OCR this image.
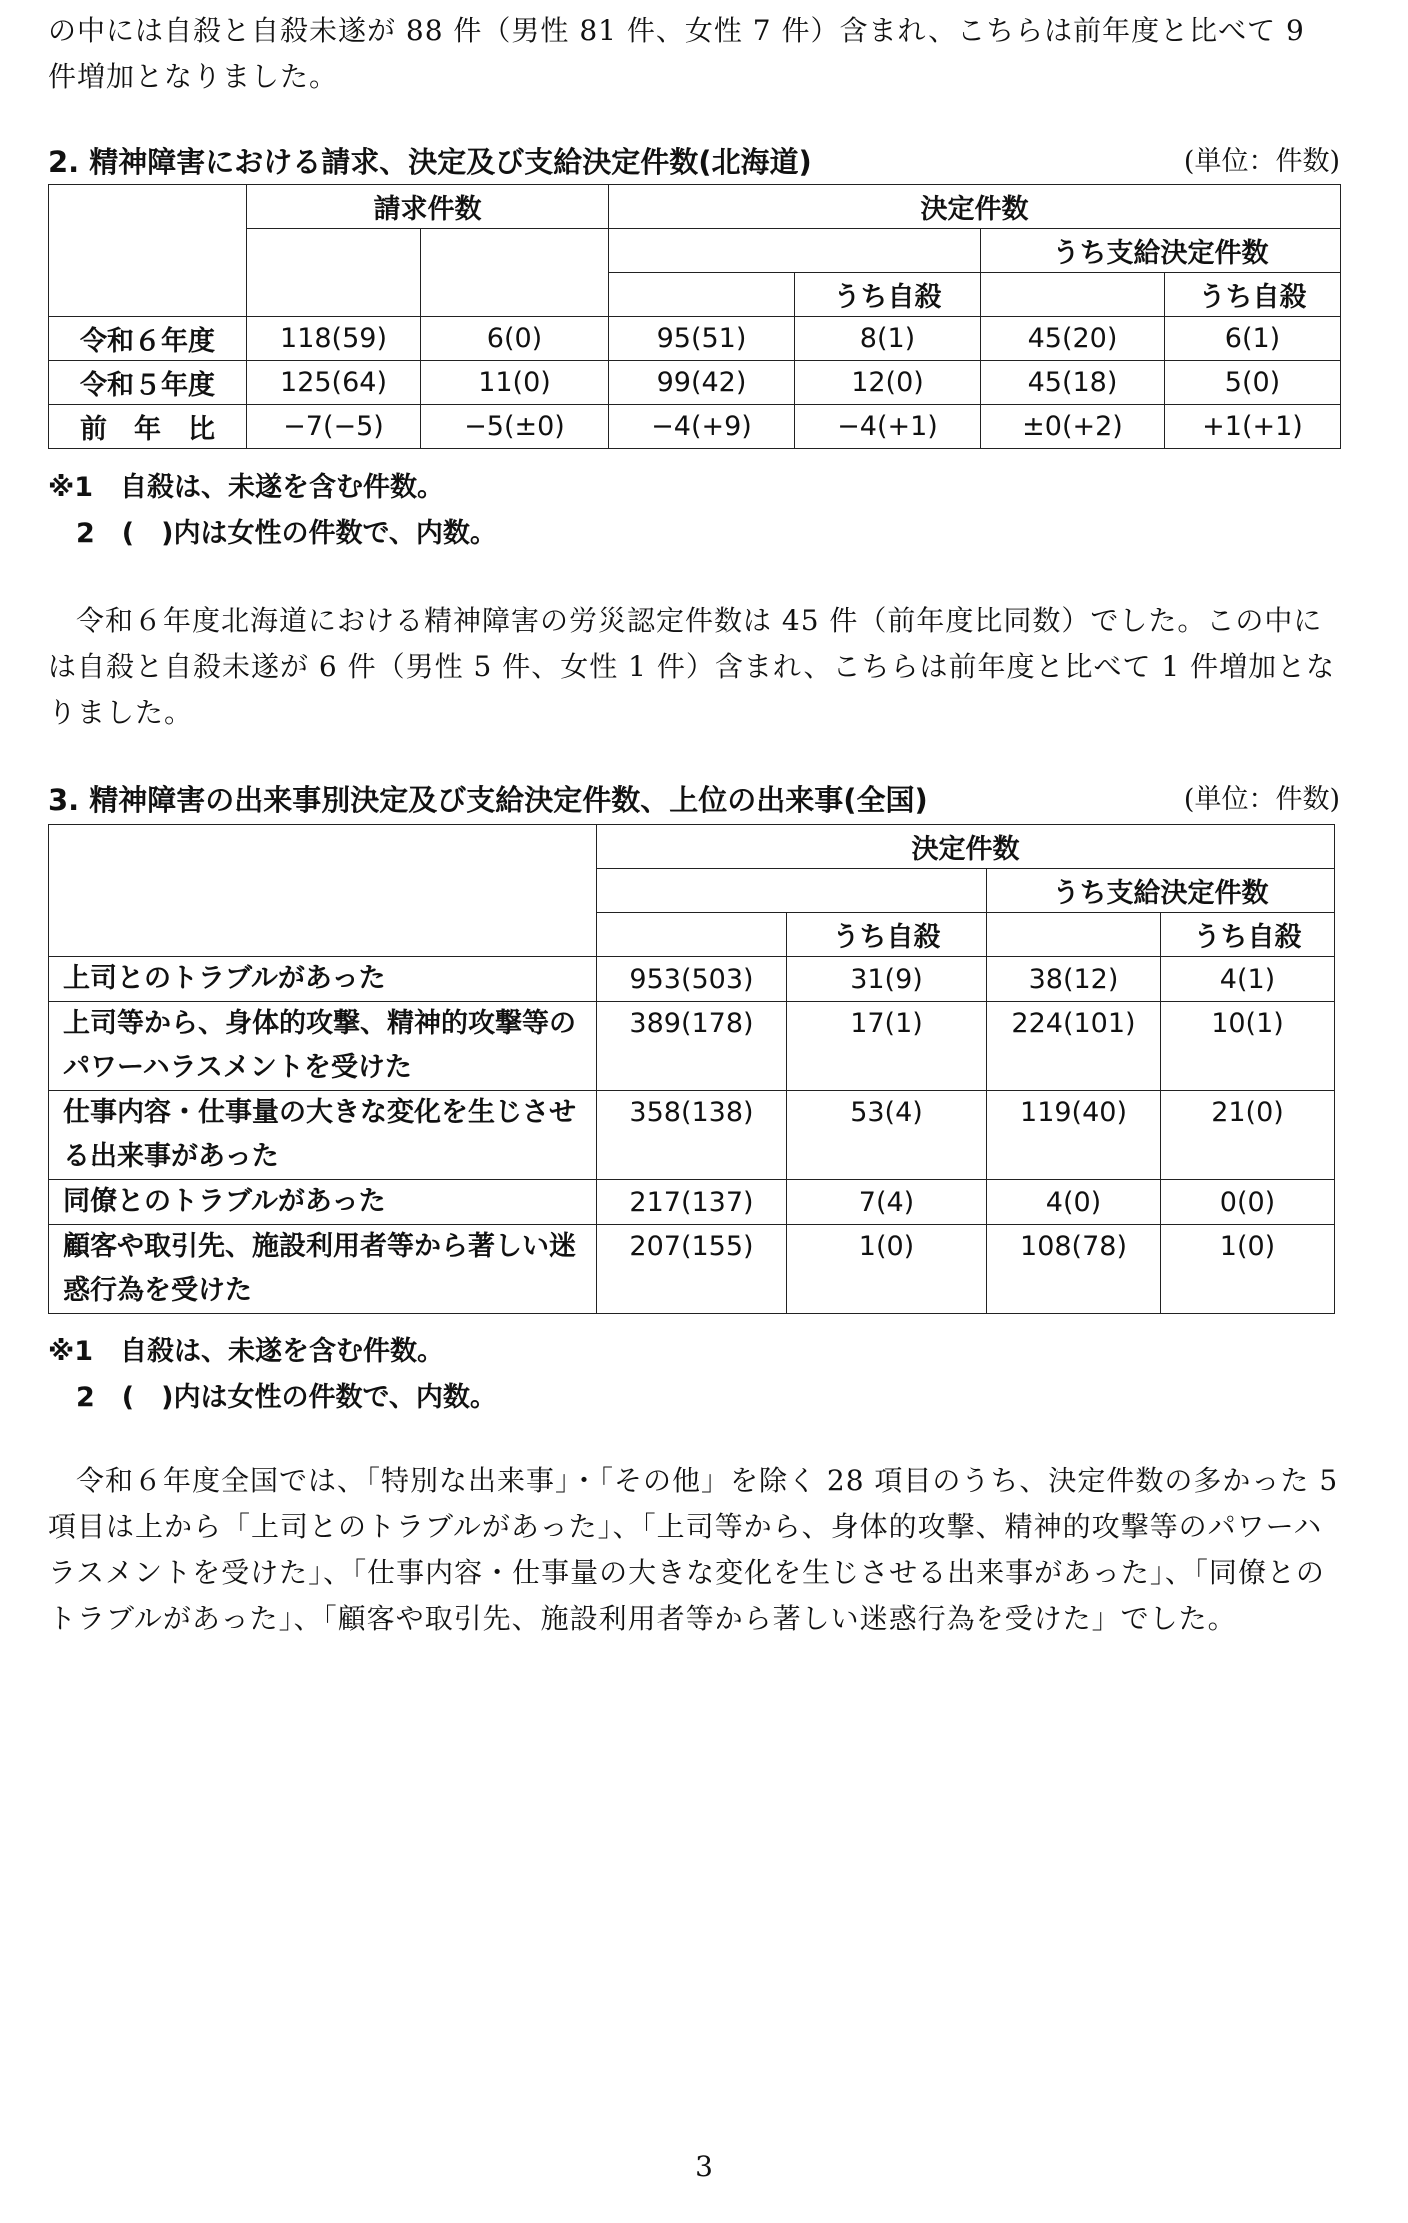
の中には自殺と自殺未遂が 88 件（男性 81 件、女性 7 件）含まれ、こちらは前年度と比べて 9 件増加となりました。

2. 精神障害における請求、決定及び支給決定件数(北海道)	(単位：件数)
	請求件数		決定件数			
					うち支給決定件数	
				うち自殺		うち自殺
令和６年度	118(59)	6(0)	95(51)	8(1)	45(20)	6(1)
令和５年度	125(64)	11(0)	99(42)	12(0)	45(18)	5(0)
前　年　比	−7(−5)	−5(±0)	−4(+9)	−4(+1)	±0(+2)	+1(+1)
※1　自殺は、未遂を含む件数。
2　(　)内は女性の件数で、内数。

令和６年度北海道における精神障害の労災認定件数は 45 件（前年度比同数）でした。この中には自殺と自殺未遂が 6 件（男性 5 件、女性 1 件）含まれ、こちらは前年度と比べて 1 件増加となりました。

3. 精神障害の出来事別決定及び支給決定件数、上位の出来事(全国)	(単位：件数)
	決定件数			
			うち支給決定件数	
		うち自殺		うち自殺
上司とのトラブルがあった	953(503)	31(9)	38(12)	4(1)
上司等から、身体的攻撃、精神的攻撃等のパワーハラスメントを受けた	389(178)	17(1)	224(101)	10(1)
仕事内容・仕事量の大きな変化を生じさせる出来事があった	358(138)	53(4)	119(40)	21(0)
同僚とのトラブルがあった	217(137)	7(4)	4(0)	0(0)
顧客や取引先、施設利用者等から著しい迷惑行為を受けた	207(155)	1(0)	108(78)	1(0)
※1　自殺は、未遂を含む件数。
2　(　)内は女性の件数で、内数。

令和６年度全国では、「特別な出来事」・「その他」を除く 28 項目のうち、決定件数の多かった 5 項目は上から「上司とのトラブルがあった」、「上司等から、身体的攻撃、精神的攻撃等のパワーハラスメントを受けた」、「仕事内容・仕事量の大きな変化を生じさせる出来事があった」、「同僚とのトラブルがあった」、「顧客や取引先、施設利用者等から著しい迷惑行為を受けた」でした。

3
